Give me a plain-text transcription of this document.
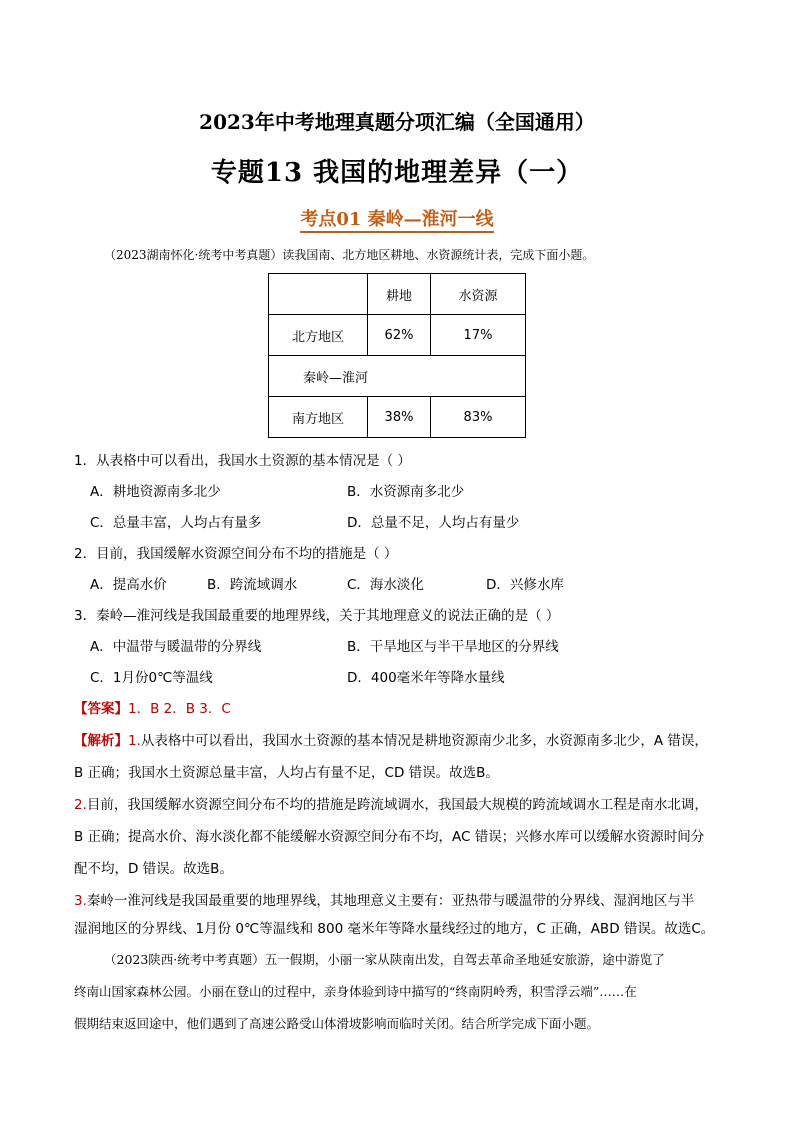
2023年中考地理真题分项汇编（全国通用）
专题13 我国的地理差异（一）
考点01 秦岭—淮河一线
（2023湖南怀化·统考中考真题）读我国南、北方地区耕地、水资源统计表，完成下面小题。
	耕地	水资源
北方地区	62%	17%
秦岭—淮河		
南方地区	38%	83%
1．从表格中可以看出，我国水土资源的基本情况是（ ）
A．耕地资源南多北少	B．水资源南多北少
C．总量丰富，人均占有量多	D．总量不足，人均占有量少
2．目前，我国缓解水资源空间分布不均的措施是（ ）
A．提高水价	B．跨流域调水	C．海水淡化	D．兴修水库
3．秦岭—淮河线是我国最重要的地理界线，关于其地理意义的说法正确的是（ ）
A．中温带与暖温带的分界线	B．干旱地区与半干旱地区的分界线
C．1月份0℃等温线	D．400毫米年等降水量线
【答案】1．B 2．B 3．C
【解析】1.从表格中可以看出，我国水土资源的基本情况是耕地资源南少北多，水资源南多北少，A 错误，
B 正确；我国水土资源总量丰富，人均占有量不足，CD 错误。故选B。
2.目前，我国缓解水资源空间分布不均的措施是跨流域调水，我国最大规模的跨流域调水工程是南水北调，
B 正确；提高水价、海水淡化都不能缓解水资源空间分布不均，AC 错误；兴修水库可以缓解水资源时间分
配不均，D 错误。故选B。
3.秦岭一淮河线是我国最重要的地理界线，其地理意义主要有：亚热带与暖温带的分界线、湿润地区与半
湿润地区的分界线、1月份 0℃等温线和 800 毫米年等降水量线经过的地方，C 正确，ABD 错误。故选C。
（2023陕西·统考中考真题）五一假期，小丽一家从陕南出发，自驾去革命圣地延安旅游，途中游览了
终南山国家森林公园。小丽在登山的过程中，亲身体验到诗中描写的“终南阴岭秀，积雪浮云端”……在
假期结束返回途中，他们遇到了高速公路受山体滑坡影响而临时关闭。结合所学完成下面小题。
